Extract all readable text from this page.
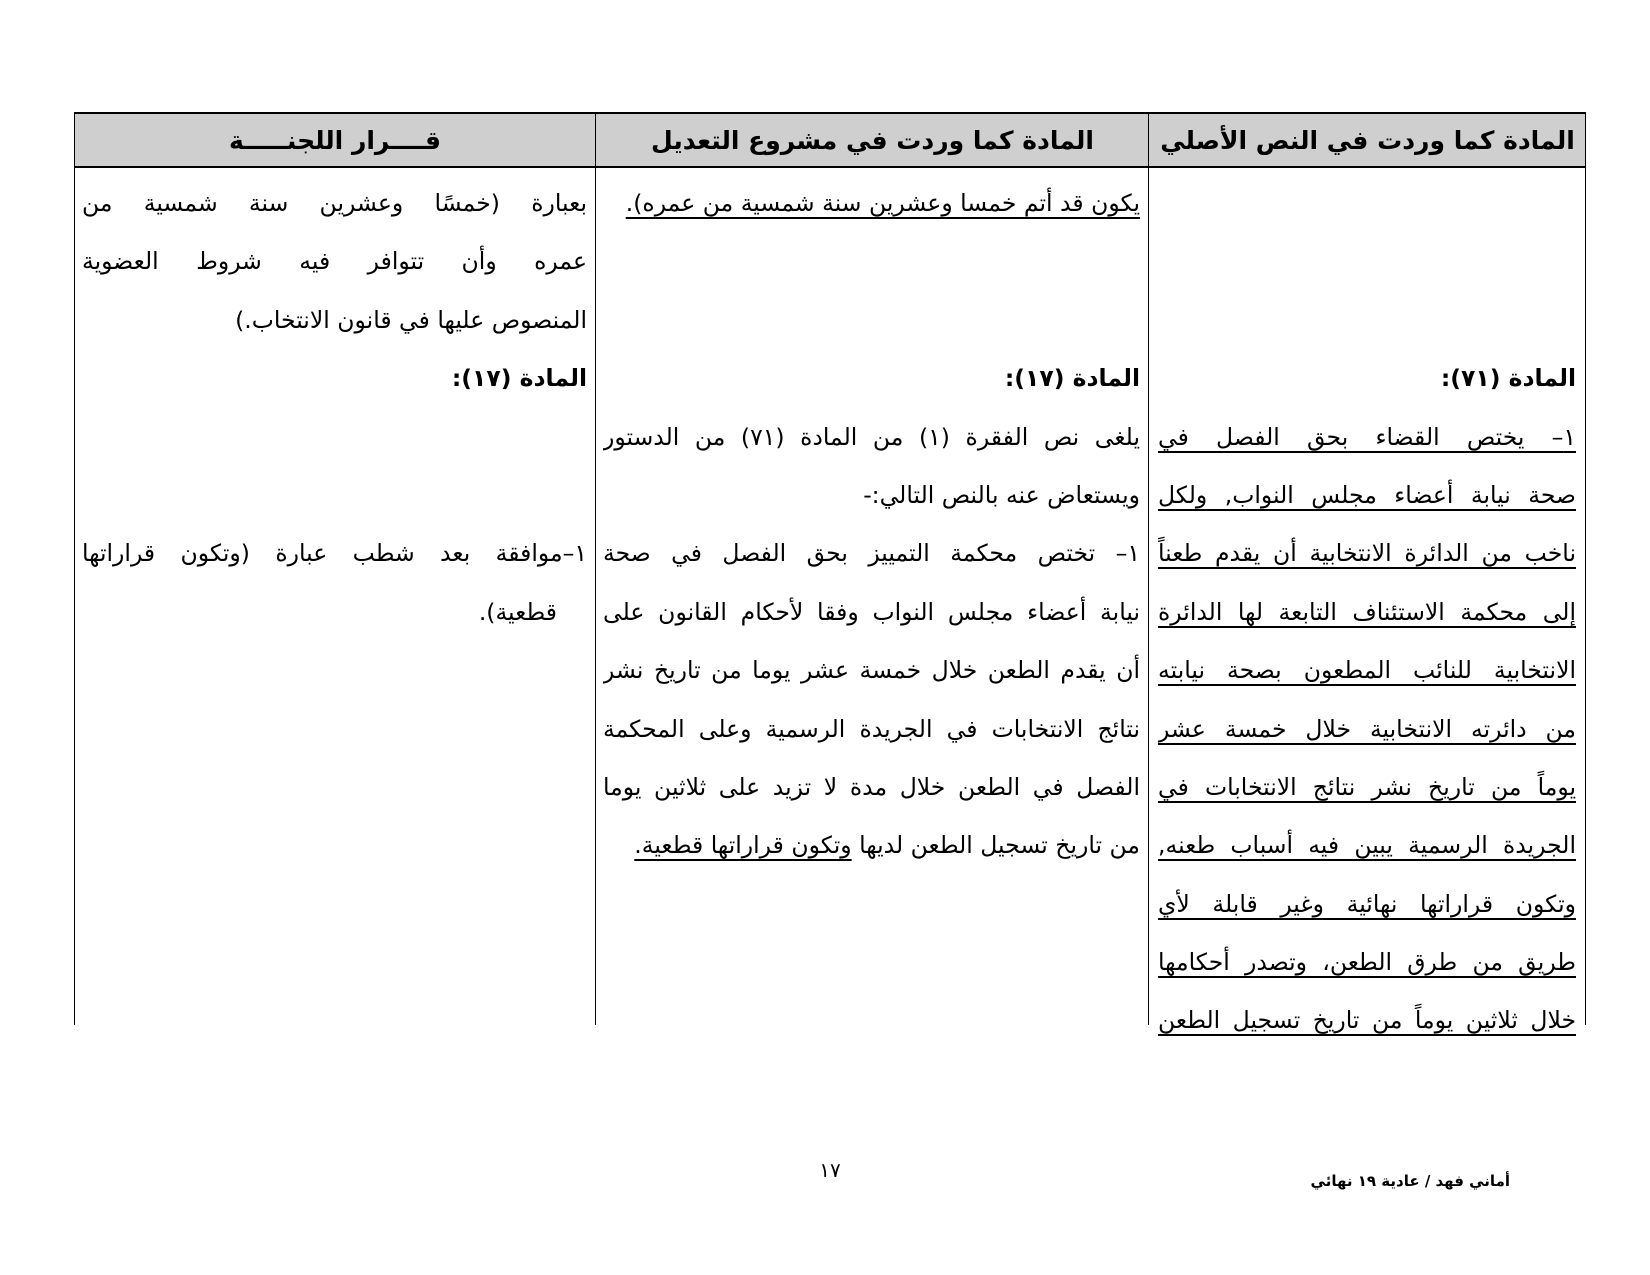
المادة كما وردت في النص الأصلي
المادة كما وردت في مشروع التعديل
قــــرار اللجنـــــة
المادة (٧١):
١– يختص القضاء بحق الفصل في
صحة نيابة أعضاء مجلس النواب, ولكل
ناخب من الدائرة الانتخابية أن يقدم طعناً
إلى محكمة الاستئناف التابعة لها الدائرة
الانتخابية للنائب المطعون بصحة نيابته
من دائرته الانتخابية خلال خمسة عشر
يوماً من تاريخ نشر نتائج الانتخابات في
الجريدة الرسمية يبين فيه أسباب طعنه,
وتكون قراراتها نهائية وغير قابلة لأي
طريق من طرق الطعن، وتصدر أحكامها
خلال ثلاثين يوماً من تاريخ تسجيل الطعن
يكون قد أتم خمسا وعشرين سنة شمسية من عمره).
المادة (١٧):
يلغى نص الفقرة (١) من المادة (٧١) من الدستور
ويستعاض عنه بالنص التالي:-
١– تختص محكمة التمييز بحق الفصل في صحة
نيابة أعضاء مجلس النواب وفقا لأحكام القانون على
أن يقدم الطعن خلال خمسة عشر يوما من تاريخ نشر
نتائج الانتخابات في الجريدة الرسمية وعلى المحكمة
الفصل في الطعن خلال مدة لا تزيد على ثلاثين يوما
من تاريخ تسجيل الطعن لديها وتكون قراراتها قطعية.
بعبارة (خمسًا وعشرين سنة شمسية من
عمره وأن تتوافر فيه شروط العضوية
المنصوص عليها في قانون الانتخاب.)
المادة (١٧):
١–موافقة بعد شطب عبارة (وتكون قراراتها
قطعية).
١٧	أماني فهد / عادية ١٩ نهائي
